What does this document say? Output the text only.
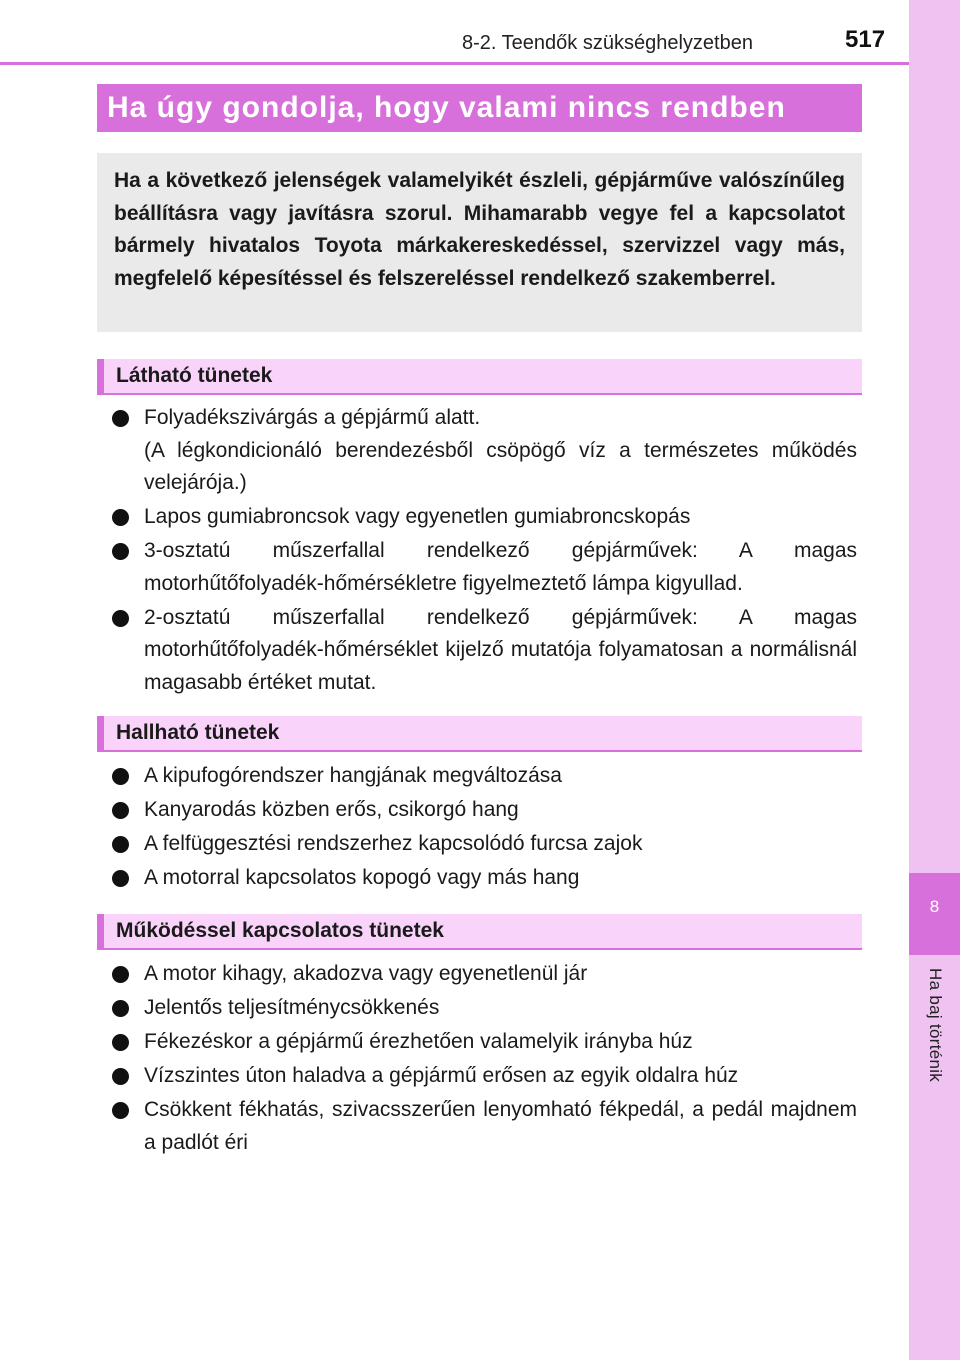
8
Ha baj történik
8-2. Teendők szükséghelyzetben	517
Ha úgy gondolja, hogy valami nincs rendben

Ha a következő jelenségek valamelyikét észleli, gépjárműve valószínűleg beállításra vagy javításra szorul. Mihamarabb vegye fel a kapcsolatot bármely hivatalos Toyota márkakereskedéssel, szervizzel vagy más, megfelelő képesítéssel és felszereléssel rendelkező szakemberrel.

Látható tünetek
Folyadékszivárgás a gépjármű alatt.
(A légkondicionáló berendezésből csöpögő víz a természetes működés velejárója.)
Lapos gumiabroncsok vagy egyenetlen gumiabroncskopás
3-osztatú műszerfallal rendelkező gépjárművek: A magas motorhűtőfolyadék-hőmérsékletre figyelmeztető lámpa kigyullad.
2-osztatú műszerfallal rendelkező gépjárművek: A magas motorhűtőfolyadék-hőmérséklet kijelző mutatója folyamatosan a normálisnál magasabb értéket mutat.
Hallható tünetek
A kipufogórendszer hangjának megváltozása
Kanyarodás közben erős, csikorgó hang
A felfüggesztési rendszerhez kapcsolódó furcsa zajok
A motorral kapcsolatos kopogó vagy más hang
Működéssel kapcsolatos tünetek
A motor kihagy, akadozva vagy egyenetlenül jár
Jelentős teljesítménycsökkenés
Fékezéskor a gépjármű érezhetően valamelyik irányba húz
Vízszintes úton haladva a gépjármű erősen az egyik oldalra húz
Csökkent fékhatás, szivacsszerűen lenyomható fékpedál, a pedál majdnem a padlót éri
